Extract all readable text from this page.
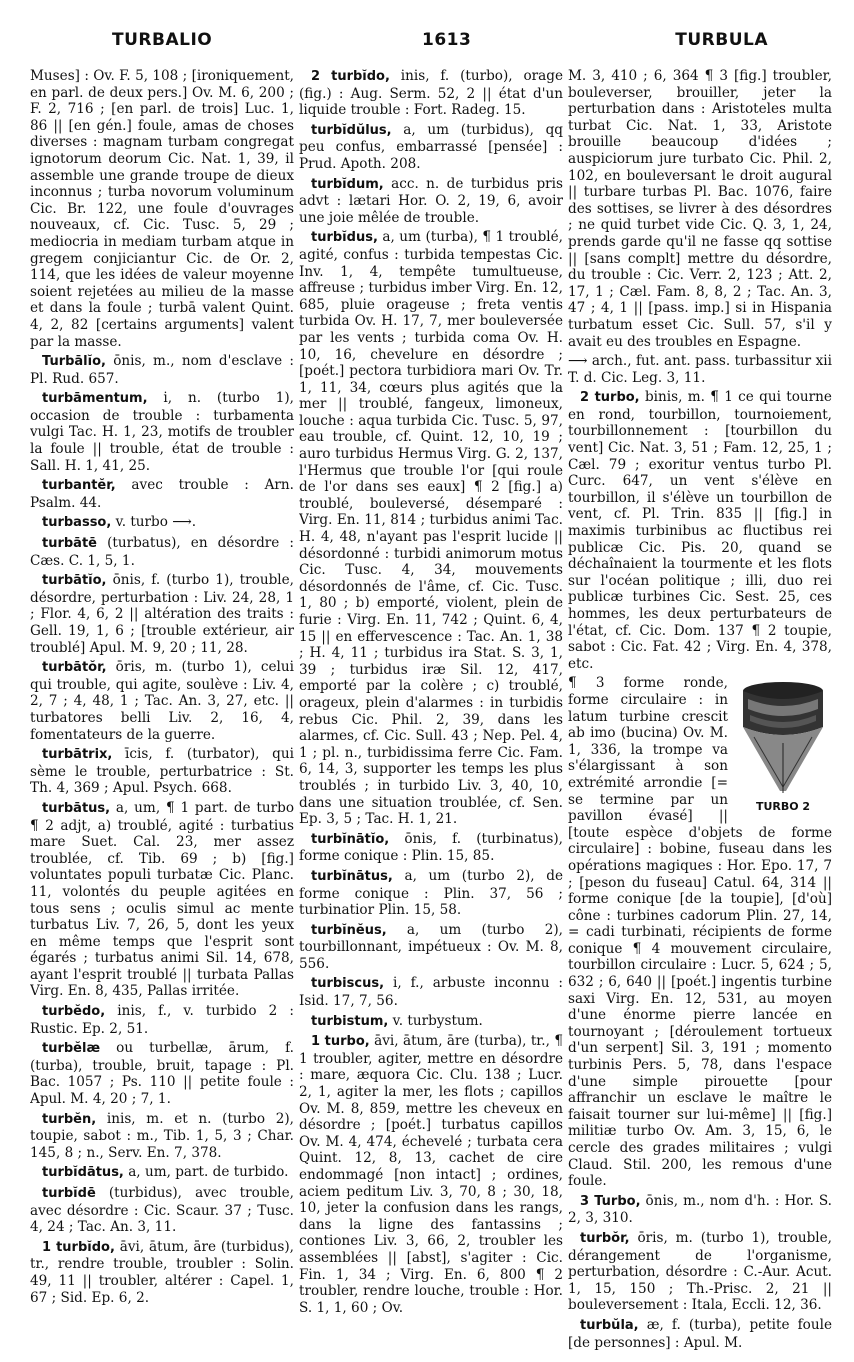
TURBALIO	1613	TURBULA

Muses] : Ov. F. 5, 108 ; [ironiquement, en parl. de deux pers.] Ov. M. 6, 200 ; F. 2, 716 ; [en parl. de trois] Luc. 1, 86 || [en gén.] foule, amas de choses diverses : magnam turbam congregat ignotorum deorum Cic. Nat. 1, 39, il assemble une grande troupe de dieux inconnus ; turba novorum voluminum Cic. Br. 122, une foule d'ouvrages nouveaux, cf. Cic. Tusc. 5, 29 ; mediocria in mediam turbam atque in gregem conjiciantur Cic. de Or. 2, 114, que les idées de valeur moyenne soient rejetées au milieu de la masse et dans la foule ; turbā valent Quint. 4, 2, 82 [certains arguments] valent par la masse.

Turbālĭo, ōnis, m., nom d'esclave : Pl. Rud. 657.

turbāmentum, i, n. (turbo 1), occasion de trouble : turbamenta vulgi Tac. H. 1, 23, motifs de troubler la foule || trouble, état de trouble : Sall. H. 1, 41, 25.

turbantĕr, avec trouble : Arn. Psalm. 44.

turbasso, v. turbo ⟶.

turbātē (turbatus), en désordre : Cæs. C. 1, 5, 1.

turbātĭo, ōnis, f. (turbo 1), trouble, désordre, perturbation : Liv. 24, 28, 1 ; Flor. 4, 6, 2 || altération des traits : Gell. 19, 1, 6 ; [trouble extérieur, air troublé] Apul. M. 9, 20 ; 11, 28.

turbātŏr, ōris, m. (turbo 1), celui qui trouble, qui agite, soulève : Liv. 4, 2, 7 ; 4, 48, 1 ; Tac. An. 3, 27, etc. || turbatores belli Liv. 2, 16, 4, fomentateurs de la guerre.

turbātrix, īcis, f. (turbator), qui sème le trouble, perturbatrice : St. Th. 4, 369 ; Apul. Psych. 668.

turbātus, a, um, ¶ 1 part. de turbo ¶ 2 adjt, a) troublé, agité : turbatius mare Suet. Cal. 23, mer assez troublée, cf. Tib. 69 ; b) [fig.] voluntates populi turbatæ Cic. Planc. 11, volontés du peuple agitées en tous sens ; oculis simul ac mente turbatus Liv. 7, 26, 5, dont les yeux en même temps que l'esprit sont égarés ; turbatus animi Sil. 14, 678, ayant l'esprit troublé || turbata Pallas Virg. En. 8, 435, Pallas irritée.

turbĕdo, inis, f., v. turbido 2 : Rustic. Ep. 2, 51.

turbĕlæ ou turbellæ, ārum, f. (turba), trouble, bruit, tapage : Pl. Bac. 1057 ; Ps. 110 || petite foule : Apul. M. 4, 20 ; 7, 1.

turbĕn, inis, m. et n. (turbo 2), toupie, sabot : m., Tib. 1, 5, 3 ; Char. 145, 8 ; n., Serv. En. 7, 378.

turbĭdātus, a, um, part. de turbido.

turbĭdē (turbidus), avec trouble, avec désordre : Cic. Scaur. 37 ; Tusc. 4, 24 ; Tac. An. 3, 11.

1 turbĭdo, āvi, ātum, āre (turbidus), tr., rendre trouble, troubler : Solin. 49, 11 || troubler, altérer : Capel. 1, 67 ; Sid. Ep. 6, 2.

2 turbĭdo, inis, f. (turbo), orage (fig.) : Aug. Serm. 52, 2 || état d'un liquide trouble : Fort. Radeg. 15.

turbĭdŭlus, a, um (turbidus), qq peu confus, embarrassé [pensée] : Prud. Apoth. 208.

turbĭdum, acc. n. de turbidus pris advt : lætari Hor. O. 2, 19, 6, avoir une joie mêlée de trouble.

turbĭdus, a, um (turba), ¶ 1 troublé, agité, confus : turbida tempestas Cic. Inv. 1, 4, tempête tumultueuse, affreuse ; turbidus imber Virg. En. 12, 685, pluie orageuse ; freta ventis turbida Ov. H. 17, 7, mer bouleversée par les vents ; turbida coma Ov. H. 10, 16, chevelure en désordre ; [poét.] pectora turbidiora mari Ov. Tr. 1, 11, 34, cœurs plus agités que la mer || troublé, fangeux, limoneux, louche : aqua turbida Cic. Tusc. 5, 97, eau trouble, cf. Quint. 12, 10, 19 ; auro turbidus Hermus Virg. G. 2, 137, l'Hermus que trouble l'or [qui roule de l'or dans ses eaux] ¶ 2 [fig.] a) troublé, bouleversé, désemparé : Virg. En. 11, 814 ; turbidus animi Tac. H. 4, 48, n'ayant pas l'esprit lucide || désordonné : turbidi animorum motus Cic. Tusc. 4, 34, mouvements désordonnés de l'âme, cf. Cic. Tusc. 1, 80 ; b) emporté, violent, plein de furie : Virg. En. 11, 742 ; Quint. 6, 4, 15 || en effervescence : Tac. An. 1, 38 ; H. 4, 11 ; turbidus ira Stat. S. 3, 1, 39 ; turbidus iræ Sil. 12, 417, emporté par la colère ; c) troublé, orageux, plein d'alarmes : in turbidis rebus Cic. Phil. 2, 39, dans les alarmes, cf. Cic. Sull. 43 ; Nep. Pel. 4, 1 ; pl. n., turbidissima ferre Cic. Fam. 6, 14, 3, supporter les temps les plus troublés ; in turbido Liv. 3, 40, 10, dans une situation troublée, cf. Sen. Ep. 3, 5 ; Tac. H. 1, 21.

turbĭnātĭo, ōnis, f. (turbinatus), forme conique : Plin. 15, 85.

turbĭnātus, a, um (turbo 2), de forme conique : Plin. 37, 56 ; turbinatior Plin. 15, 58.

turbĭnĕus, a, um (turbo 2), tourbillonnant, impétueux : Ov. M. 8, 556.

turbiscus, i, f., arbuste inconnu : Isid. 17, 7, 56.

turbistum, v. turbystum.

1 turbo, āvi, ātum, āre (turba), tr., ¶ 1 troubler, agiter, mettre en désordre : mare, æquora Cic. Clu. 138 ; Lucr. 2, 1, agiter la mer, les flots ; capillos Ov. M. 8, 859, mettre les cheveux en désordre ; [poét.] turbatus capillos Ov. M. 4, 474, échevelé ; turbata cera Quint. 12, 8, 13, cachet de cire endommagé [non intact] ; ordines, aciem peditum Liv. 3, 70, 8 ; 30, 18, 10, jeter la confusion dans les rangs, dans la ligne des fantassins ; contiones Liv. 3, 66, 2, troubler les assemblées || [abst], s'agiter : Cic. Fin. 1, 34 ; Virg. En. 6, 800 ¶ 2 troubler, rendre louche, trouble : Hor. S. 1, 1, 60 ; Ov.

M. 3, 410 ; 6, 364 ¶ 3 [fig.] troubler, bouleverser, brouiller, jeter la perturbation dans : Aristoteles multa turbat Cic. Nat. 1, 33, Aristote brouille beaucoup d'idées ; auspiciorum jure turbato Cic. Phil. 2, 102, en bouleversant le droit augural || turbare turbas Pl. Bac. 1076, faire des sottises, se livrer à des désordres ; ne quid turbet vide Cic. Q. 3, 1, 24, prends garde qu'il ne fasse qq sottise || [sans complt] mettre du désordre, du trouble : Cic. Verr. 2, 123 ; Att. 2, 17, 1 ; Cæl. Fam. 8, 8, 2 ; Tac. An. 3, 47 ; 4, 1 || [pass. imp.] si in Hispania turbatum esset Cic. Sull. 57, s'il y avait eu des troubles en Espagne.

⟶ arch., fut. ant. pass. turbassitur xii T. d. Cic. Leg. 3, 11.

2 turbo, binis, m. ¶ 1 ce qui tourne en rond, tourbillon, tournoiement, tourbillonnement : [tourbillon du vent] Cic. Nat. 3, 51 ; Fam. 12, 25, 1 ; Cæl. 79 ; exoritur ventus turbo Pl. Curc. 647, un vent s'élève en tourbillon, il s'élève un tourbillon de vent, cf. Pl. Trin. 835 || [fig.] in maximis turbinibus ac fluctibus rei publicæ Cic. Pis. 20, quand se déchaînaient la tourmente et les flots sur l'océan politique ; illi, duo rei publicæ turbines Cic. Sest. 25, ces hommes, les deux perturbateurs de l'état, cf. Cic. Dom. 137 ¶ 2 toupie, sabot : Cic. Fat. 42 ; Virg. En. 4, 378, etc.

TURBO 2
¶ 3 forme ronde, forme circulaire : in latum turbine crescit ab imo (bucina) Ov. M. 1, 336, la trompe va s'élargissant à son extrémité arrondie [= se termine par un pavillon évasé] || [toute espèce d'objets de forme circulaire] : bobine, fuseau dans les opérations magiques : Hor. Epo. 17, 7 ; [peson du fuseau] Catul. 64, 314 || forme conique [de la toupie], [d'où] cône : turbines cadorum Plin. 27, 14, = cadi turbinati, récipients de forme conique ¶ 4 mouvement circulaire, tourbillon circulaire : Lucr. 5, 624 ; 5, 632 ; 6, 640 || [poét.] ingentis turbine saxi Virg. En. 12, 531, au moyen d'une énorme pierre lancée en tournoyant ; [déroulement tortueux d'un serpent] Sil. 3, 191 ; momento turbinis Pers. 5, 78, dans l'espace d'une simple pirouette [pour affranchir un esclave le maître le faisait tourner sur lui-même] || [fig.] militiæ turbo Ov. Am. 3, 15, 6, le cercle des grades militaires ; vulgi Claud. Stil. 200, les remous d'une foule.

3 Turbo, ōnis, m., nom d'h. : Hor. S. 2, 3, 310.

turbŏr, ōris, m. (turbo 1), trouble, dérangement de l'organisme, perturbation, désordre : C.-Aur. Acut. 1, 15, 150 ; Th.-Prisc. 2, 21 || bouleversement : Itala, Eccli. 12, 36.

turbŭla, æ, f. (turba), petite foule [de personnes] : Apul. M.
